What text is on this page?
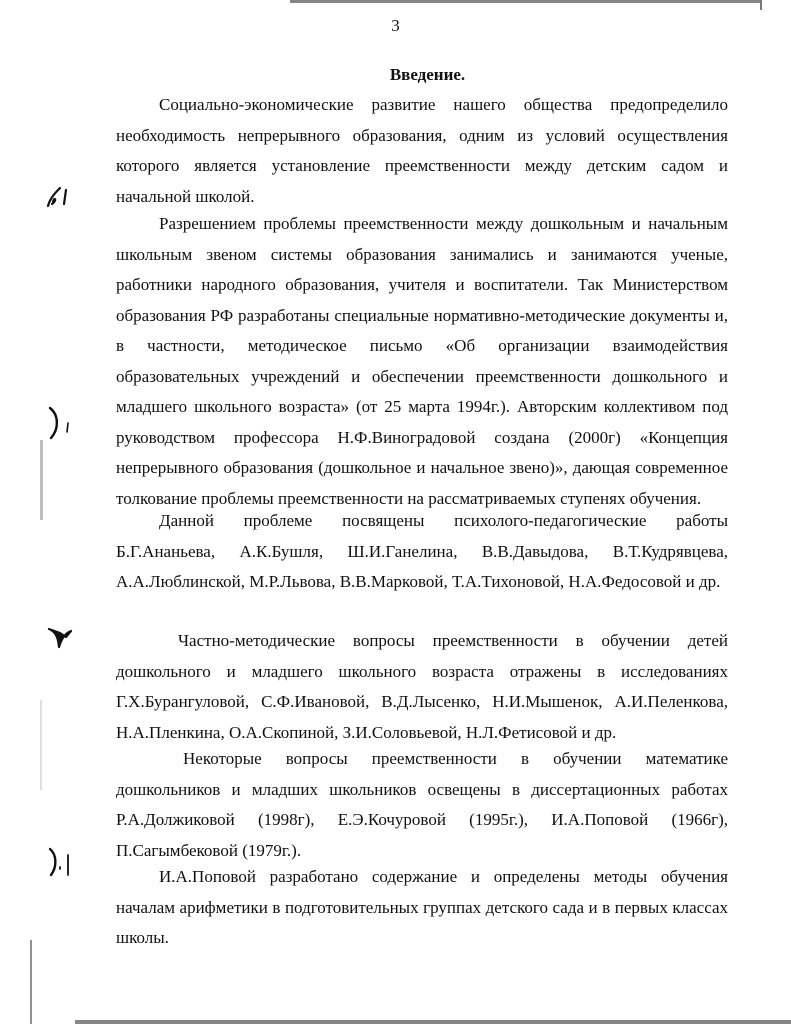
3
Введение.

Социально-экономические развитие нашего общества предопределило необходимость непрерывного образования, одним из условий осуществления которого является установление преемственности между детским садом и начальной школой.

Разрешением проблемы преемственности между дошкольным и начальным школьным звеном системы образования занимались и занимаются ученые, работники народного образования, учителя и воспитатели. Так Министерством образования РФ разработаны специальные нормативно-методические документы и, в частности, методическое письмо «Об организации взаимодействия образовательных учреждений и обеспечении преемственности дошкольного и младшего школьного возраста» (от 25 марта 1994г.). Авторским коллективом под руководством профессора Н.Ф.Виноградовой создана (2000г) «Концепция непрерывного образования (дошкольное и начальное звено)», дающая современное толкование проблемы преемственности на рассматриваемых ступенях обучения.

Данной проблеме посвящены психолого-педагогические работы Б.Г.Ананьева, А.К.Бушля, Ш.И.Ганелина, В.В.Давыдова, В.Т.Кудрявцева, А.А.Люблинской, М.Р.Львова, В.В.Марковой, Т.А.Тихоновой, Н.А.Федосовой и др.

Частно-методические вопросы преемственности в обучении детей дошкольного и младшего школьного возраста отражены в исследованиях Г.Х.Бурангуловой, С.Ф.Ивановой, В.Д.Лысенко, Н.И.Мышенок, А.И.Пеленкова, Н.А.Пленкина, О.А.Скопиной, З.И.Соловьевой, Н.Л.Фетисовой и др.

Некоторые вопросы преемственности в обучении математике дошкольников и младших школьников освещены в диссертационных работах Р.А.Должиковой (1998г), Е.Э.Кочуровой (1995г.), И.А.Поповой (1966г), П.Сагымбековой (1979г.).

И.А.Поповой разработано содержание и определены методы обучения началам арифметики в подготовительных группах детского сада и в первых классах школы.
